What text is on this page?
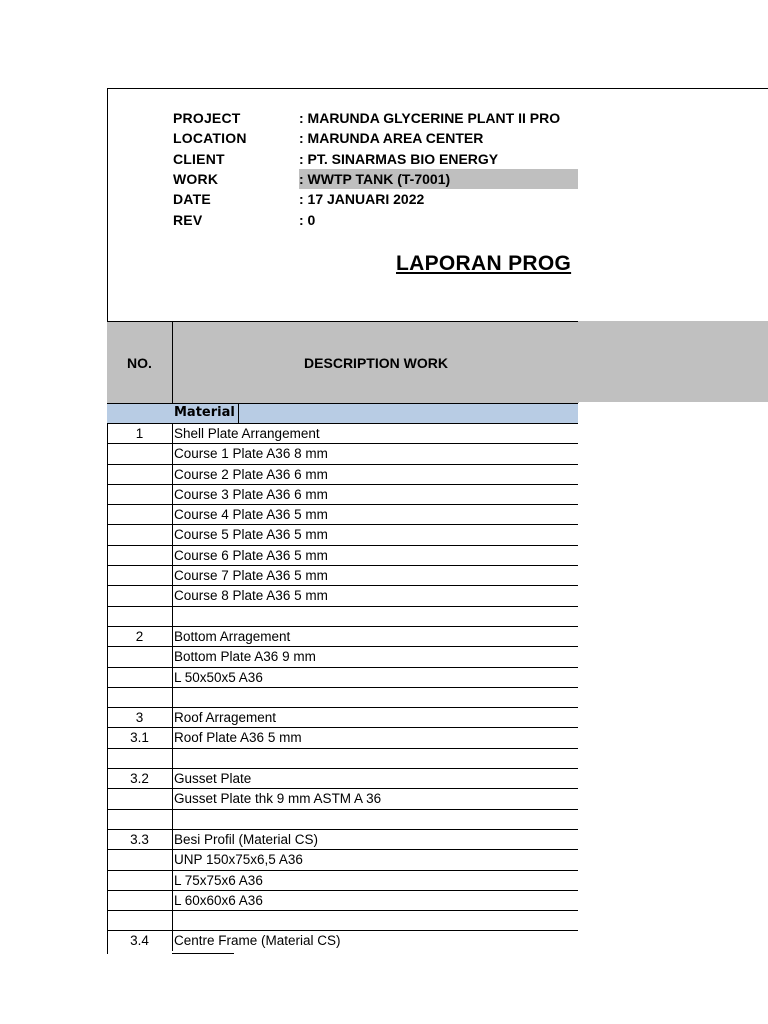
PROJECT	: MARUNDA GLYCERINE PLANT II PRO
LOCATION	: MARUNDA AREA CENTER
CLIENT	: PT. SINARMAS BIO ENERGY
WORK	: WWTP TANK (T-7001)
DATE	: 17 JANUARI 2022
REV	: 0
LAPORAN PROG
NO.	DESCRIPTION WORK
Material
1	Shell Plate Arrangement
Course 1 Plate A36 8 mm
Course 2 Plate A36 6 mm
Course 3 Plate A36 6 mm
Course 4 Plate A36 5 mm
Course 5 Plate A36 5 mm
Course 6 Plate A36 5 mm
Course 7 Plate A36 5 mm
Course 8 Plate A36 5 mm
2	Bottom Arragement
Bottom Plate A36 9 mm
L 50x50x5 A36
3	Roof Arragement
3.1	Roof Plate A36 5 mm
3.2	Gusset Plate
Gusset Plate thk 9 mm ASTM A 36
3.3	Besi Profil (Material CS)
UNP 150x75x6,5 A36
L 75x75x6 A36
L 60x60x6 A36
3.4	Centre Frame (Material CS)
